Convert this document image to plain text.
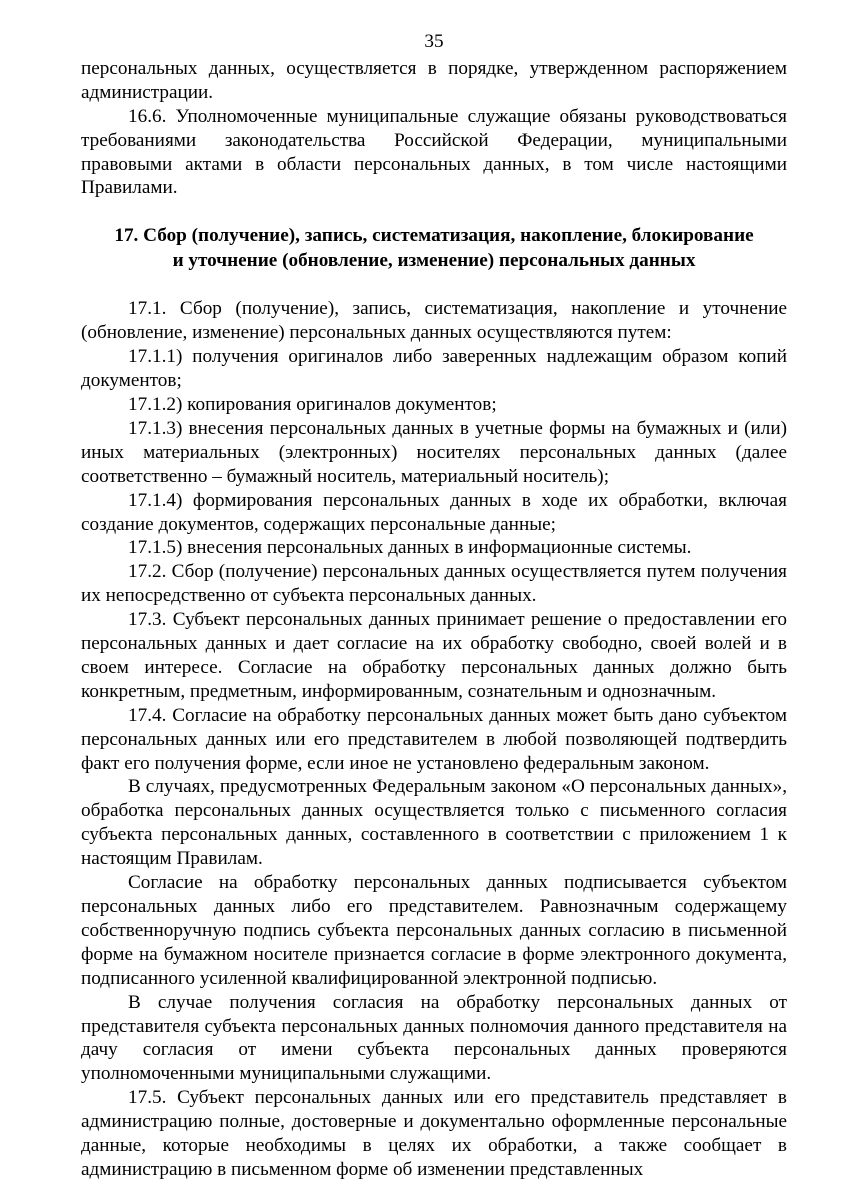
35

персональных данных, осуществляется в порядке, утвержденном распоряжением администрации.

16.6. Уполномоченные муниципальные служащие обязаны руководствоваться требованиями законодательства Российской Федерации, муниципальными правовыми актами в области персональных данных, в том числе настоящими Правилами.

17. Сбор (получение), запись, систематизация, накопление, блокирование
и уточнение (обновление, изменение) персональных данных

17.1. Сбор (получение), запись, систематизация, накопление и уточнение (обновление, изменение) персональных данных осуществляются путем:

17.1.1) получения оригиналов либо заверенных надлежащим образом копий документов;

17.1.2) копирования оригиналов документов;

17.1.3) внесения персональных данных в учетные формы на бумажных и (или) иных материальных (электронных) носителях персональных данных (далее соответственно – бумажный носитель, материальный носитель);

17.1.4) формирования персональных данных в ходе их обработки, включая создание документов, содержащих персональные данные;

17.1.5) внесения персональных данных в информационные системы.

17.2. Сбор (получение) персональных данных осуществляется путем получения их непосредственно от субъекта персональных данных.

17.3. Субъект персональных данных принимает решение о предоставлении его персональных данных и дает согласие на их обработку свободно, своей волей и в своем интересе. Согласие на обработку персональных данных должно быть конкретным, предметным, информированным, сознательным и однозначным.

17.4. Согласие на обработку персональных данных может быть дано субъектом персональных данных или его представителем в любой позволяющей подтвердить факт его получения форме, если иное не установлено федеральным законом.

В случаях, предусмотренных Федеральным законом «О персональных данных», обработка персональных данных осуществляется только с письменного согласия субъекта персональных данных, составленного в соответствии с приложением 1 к настоящим Правилам.

Согласие на обработку персональных данных подписывается субъектом персональных данных либо его представителем. Равнозначным содержащему собственноручную подпись субъекта персональных данных согласию в письменной форме на бумажном носителе признается согласие в форме электронного документа, подписанного усиленной квалифицированной электронной подписью.

В случае получения согласия на обработку персональных данных от представителя субъекта персональных данных полномочия данного представителя на дачу согласия от имени субъекта персональных данных проверяются уполномоченными муниципальными служащими.

17.5. Субъект персональных данных или его представитель представляет в администрацию полные, достоверные и документально оформленные персональные данные, которые необходимы в целях их обработки, а также сообщает в администрацию в письменном форме об изменении представленных
